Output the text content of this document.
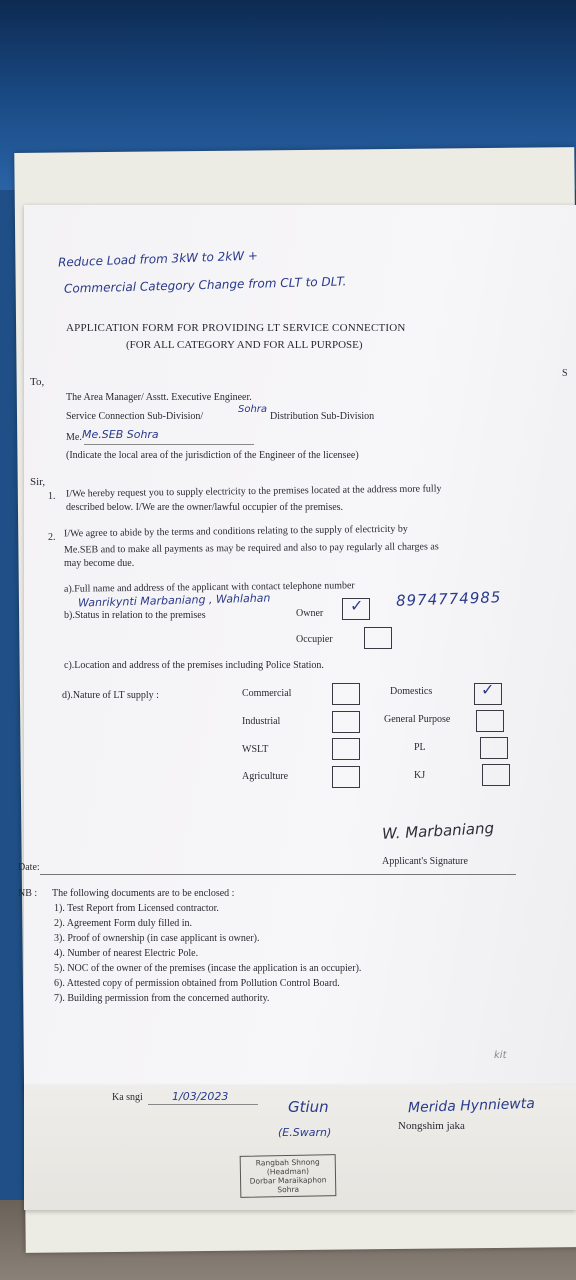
Reduce Load from 3kW to 2kW +
Commercial Category Change from CLT to DLT.
APPLICATION FORM FOR PROVIDING LT SERVICE CONNECTION
(FOR ALL CATEGORY AND FOR ALL PURPOSE)
To,
The Area Manager/ Asstt. Executive Engineer.
Service Connection Sub-Division/
Sohra
Distribution Sub-Division
Me. Me.SEB Sohra
(Indicate the local area of the jurisdiction of the Engineer of the licensee)
Sir,
1. I/We hereby request you to supply electricity to the premises located at the address more fully
described below. I/We are the owner/lawful occupier of the premises.
2. I/We agree to abide by the terms and conditions relating to the supply of electricity by
Me.SEB and to make all payments as may be required and also to pay regularly all charges as
may become due.
a).Full name and address of the applicant with contact telephone number
Wanrikynti Marbaniang , Wahlahan	8974774985
b).Status in relation to the premises	Owner ✓
Occupier
c).Location and address of the premises including Police Station.
d).Nature of LT supply :	Commercial	Domestics	✓
Industrial	General Purpose
WSLT	PL
Agriculture	KJ
W. Marbaniang
Applicant's Signature
Date:
NB : The following documents are to be enclosed :
1). Test Report from Licensed contractor.
2). Agreement Form duly filled in.
3). Proof of ownership (in case applicant is owner).
4). Number of nearest Electric Pole.
5). NOC of the owner of the premises (incase the application is an occupier).
6). Attested copy of permission obtained from Pollution Control Board.
7). Building permission from the concerned authority.
kit
Ka sngi	1/03/2023
Gtiun
(E.Swarn)
Merida Hynniewta
Nongshim jaka
Rangbah Shnong
(Headman)
Dorbar Maraikaphon
Sohra
S
